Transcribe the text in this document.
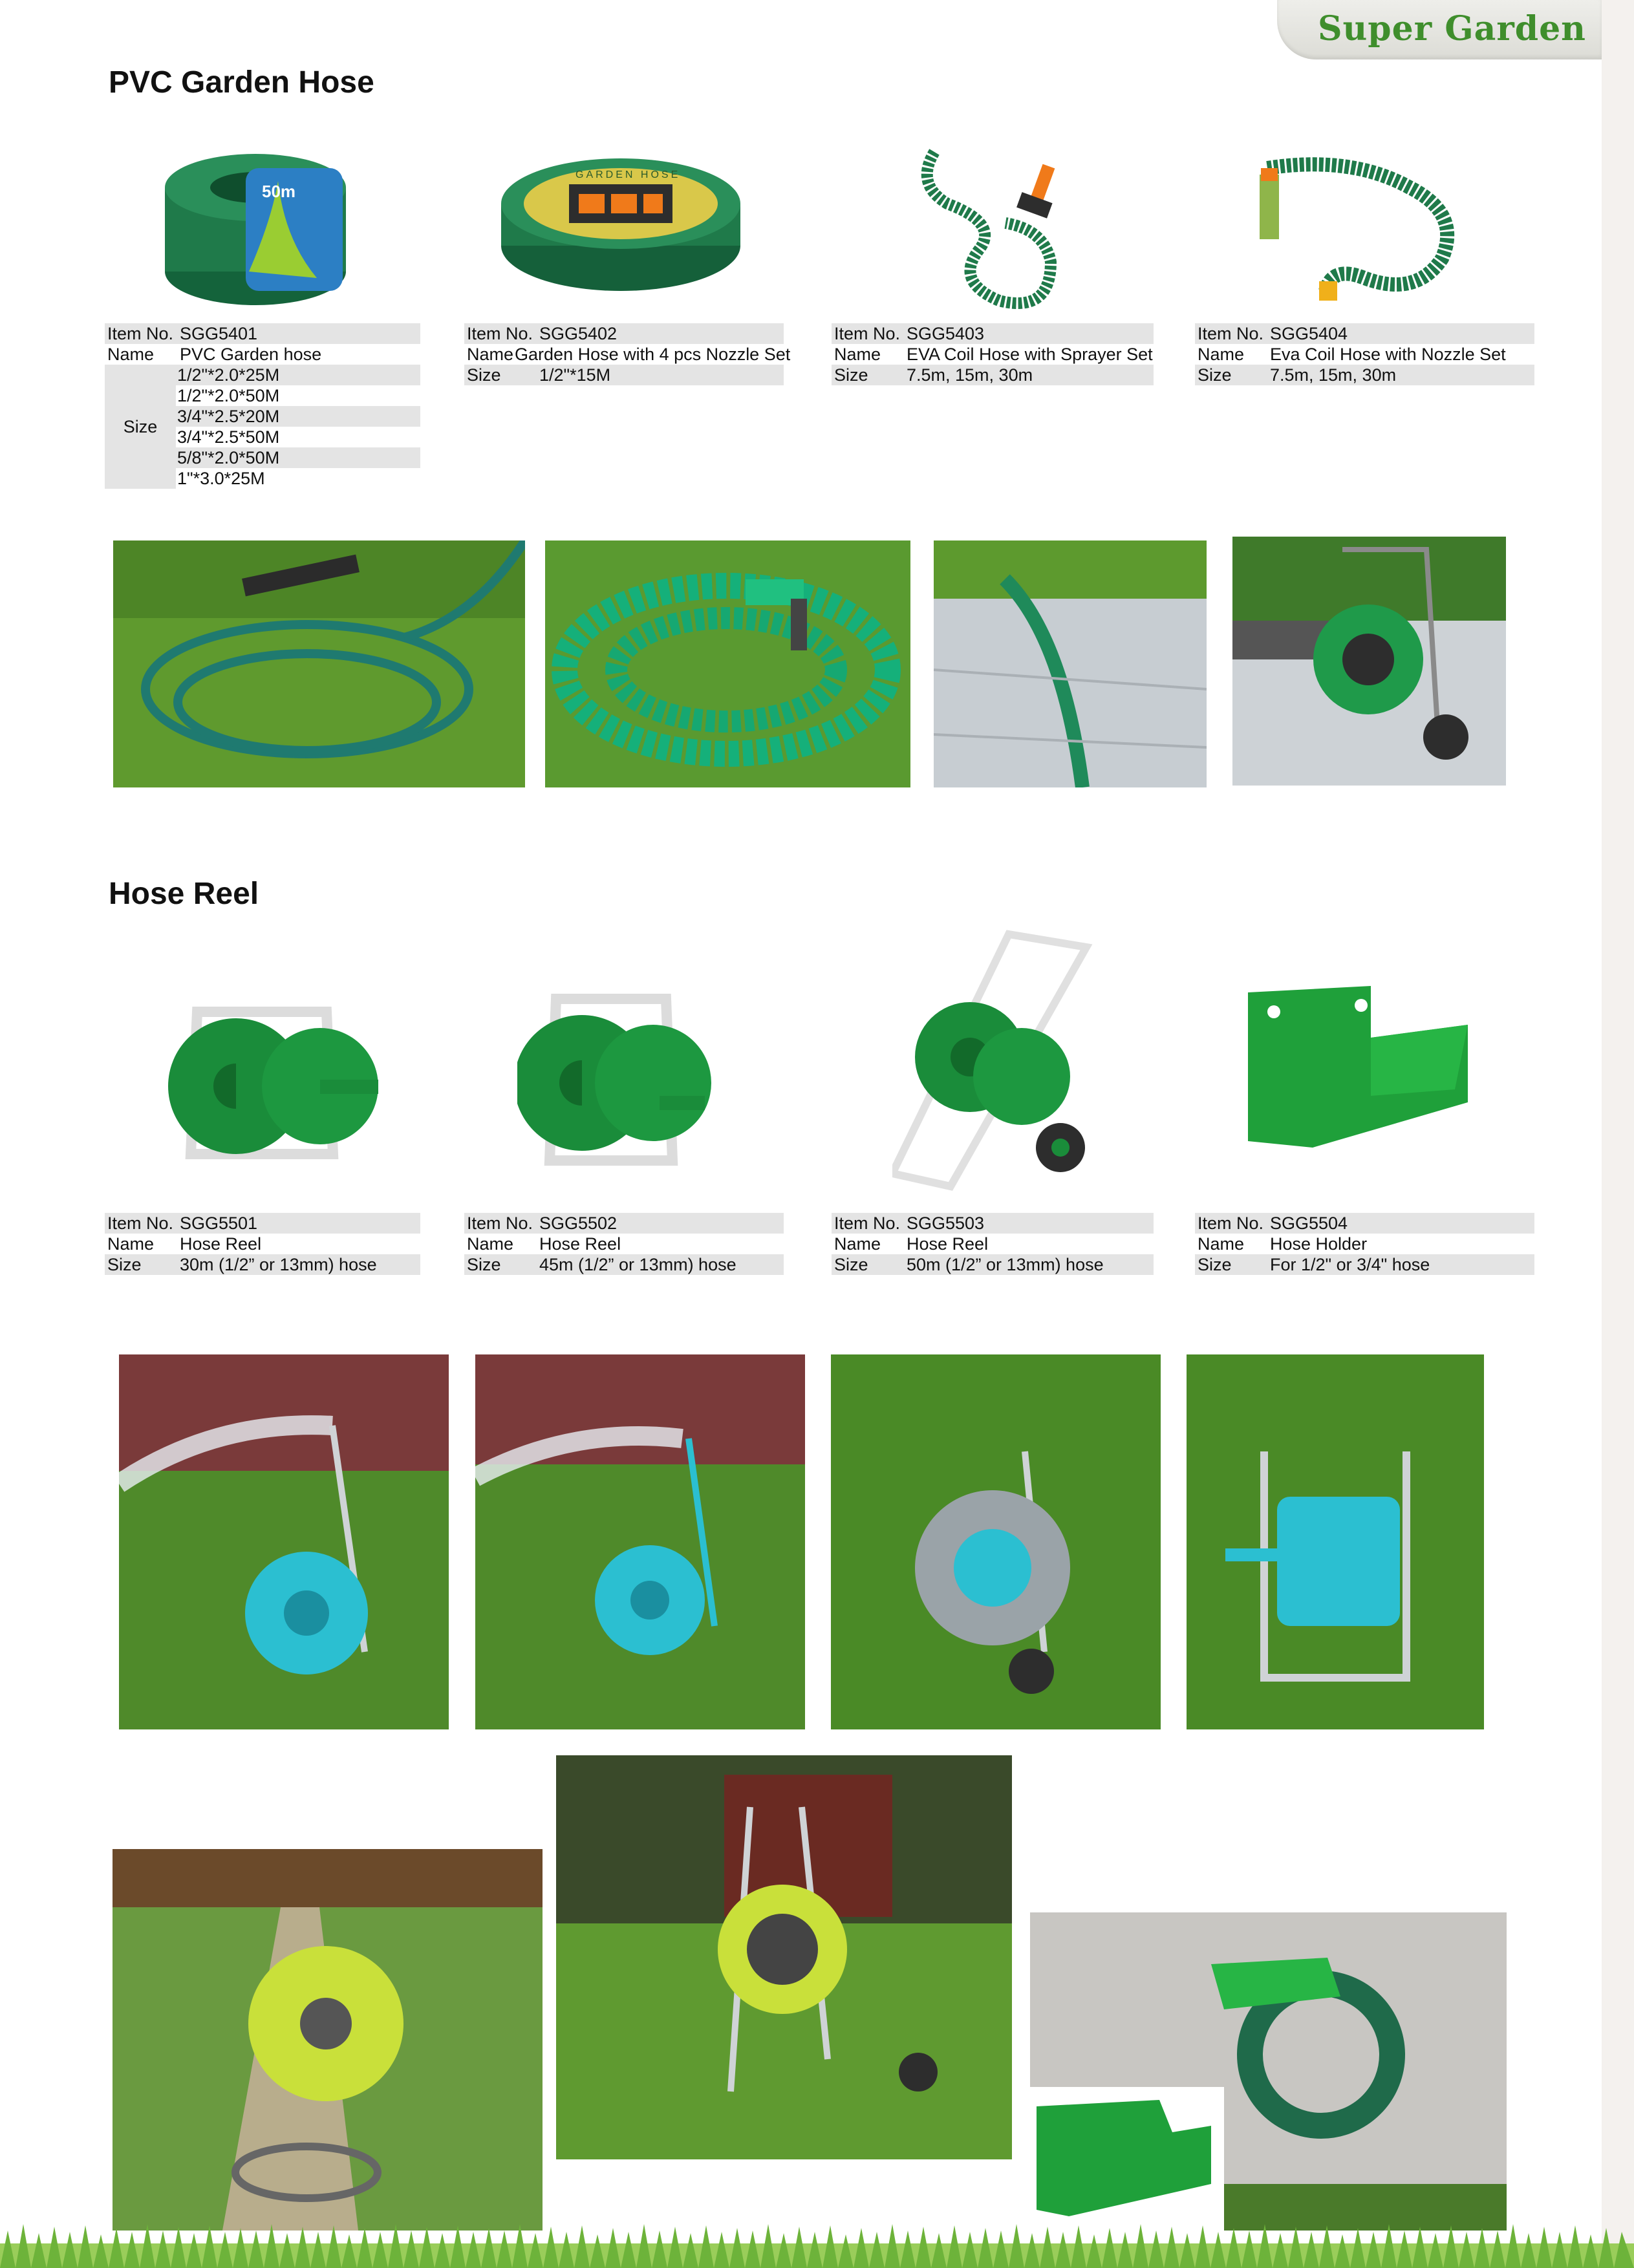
Super Garden
PVC Garden Hose
50m
GARDEN HOSE
Item No. SGG5401
Name	PVC Garden hose
Size
1/2"*2.0*25M
1/2"*2.0*50M
3/4"*2.5*20M
3/4"*2.5*50M
5/8"*2.0*50M
1"*3.0*25M
Item No. SGG5402
Name Garden Hose with 4 pcs Nozzle Set
Size	1/2"*15M
Item No. SGG5403
Name	EVA Coil Hose with Sprayer Set
Size	7.5m, 15m, 30m
Item No. SGG5404
Name	Eva Coil Hose with Nozzle Set
Size	7.5m, 15m, 30m
Hose Reel
Item No. SGG5501
Name	Hose Reel
Size	30m (1/2” or 13mm) hose
Item No. SGG5502
Name	Hose Reel
Size	45m (1/2” or 13mm) hose
Item No. SGG5503
Name	Hose Reel
Size	50m (1/2” or 13mm) hose
Item No. SGG5504
Name	Hose Holder
Size	For 1/2" or 3/4" hose
